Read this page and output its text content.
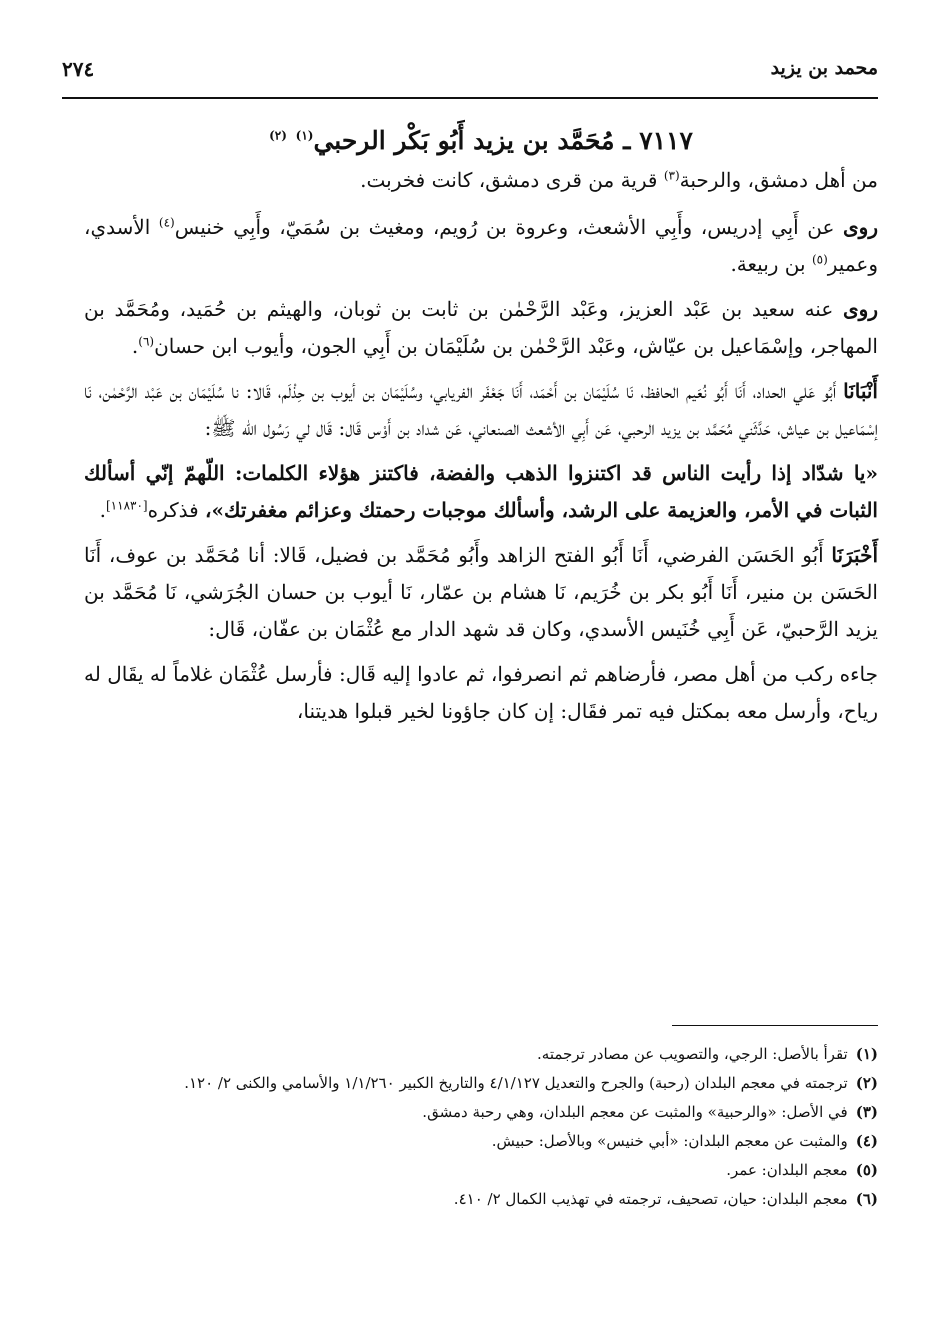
محمد بن يزيد
٢٧٤
٧١١٧ ـ مُحَمَّد بن يزيد أَبُو بَكْر الرحبي$^{(١)}$ $^{(٢)}$

من أهل دمشق، والرحبة$^{(٣)}$ قرية من قرى دمشق، كانت فخربت.

روى عن أَبِي إدريس، وأَبِي الأشعث، وعروة بن رُويم، ومغيث بن سُمَيّ، وأَبِي خنيس$^{(٤)}$ الأسدي، وعمير$^{(٥)}$ بن ربيعة.

روى عنه سعيد بن عَبْد العزيز، وعَبْد الرَّحْمٰن بن ثابت بن ثوبان، والهيثم بن حُمَيد، ومُحَمَّد بن المهاجر، وإسْمَاعيل بن عيّاش، وعَبْد الرَّحْمٰن بن سُلَيْمَان بن أَبِي الجون، وأيوب ابن حسان$^{(٦)}$.

أَنْبَانَا أَبُو عَلي الحداد، أَنَا أَبُو نُعَيم الحافظ، نَا سُلَيْمَان بن أَحْمَد، أَنَا جَعْفَر الفريابي، وسُلَيْمَان بن أيوب بن حِذْلَم، قَالا: نا سُلَيْمَان بن عَبْد الرَّحْمٰن، نَا إسْمَاعيل بن عياش، حَدَّثَني مُحَمَّد بن يزيد الرحبي، عَن أَبِي الأشعث الصنعاني، عَن شداد بن أَوْس قَال: قَال لي رَسُول الله ﷺ:

«يا شدّاد إذا رأيت الناس قد اكتنزوا الذهب والفضة، فاكتنز هؤلاء الكلمات: اللّهمّ إنّي أسألك الثبات في الأمر، والعزيمة على الرشد، وأسألك موجبات رحمتك وعزائم مغفرتك»، فذكره[١١٨٣٠].

أَخْبَرَنَا أَبُو الحَسَن الفرضي، أَنَا أَبُو الفتح الزاهد وأَبُو مُحَمَّد بن فضيل، قَالا: أنا مُحَمَّد بن عوف، أَنَا الحَسَن بن منير، أَنَا أَبُو بكر بن خُرَيم، نَا هشام بن عمّار، نَا أيوب بن حسان الجُرَشي، نَا مُحَمَّد بن يزيد الرَّحبيّ، عَن أَبِي خُنَيس الأسدي، وكان قد شهد الدار مع عُثْمَان بن عفّان، قَال:

جاءه ركب من أهل مصر، فأرضاهم ثم انصرفوا، ثم عادوا إليه قَال: فأرسل عُثْمَان غلاماً له يقَال له رياح، وأرسل معه بمكتل فيه تمر فقَال: إن كان جاؤونا لخير قبلوا هديتنا،

(١)
تقرأ بالأصل: الرجي، والتصويب عن مصادر ترجمته.
(٢)
ترجمته في معجم البلدان (رحبة) والجرح والتعديل ٤/١/١٢٧ والتاريخ الكبير ١/١/٢٦٠ والأسامي والكنى ٢/ ١٢٠.
(٣)
في الأصل: «والرحبية» والمثبت عن معجم البلدان، وهي رحبة دمشق.
(٤)
والمثبت عن معجم البلدان: «أبي خنيس» وبالأصل: حبيش.
(٥)
معجم البلدان: عمر.
(٦)
معجم البلدان: حيان، تصحيف، ترجمته في تهذيب الكمال ٢/ ٤١٠.
